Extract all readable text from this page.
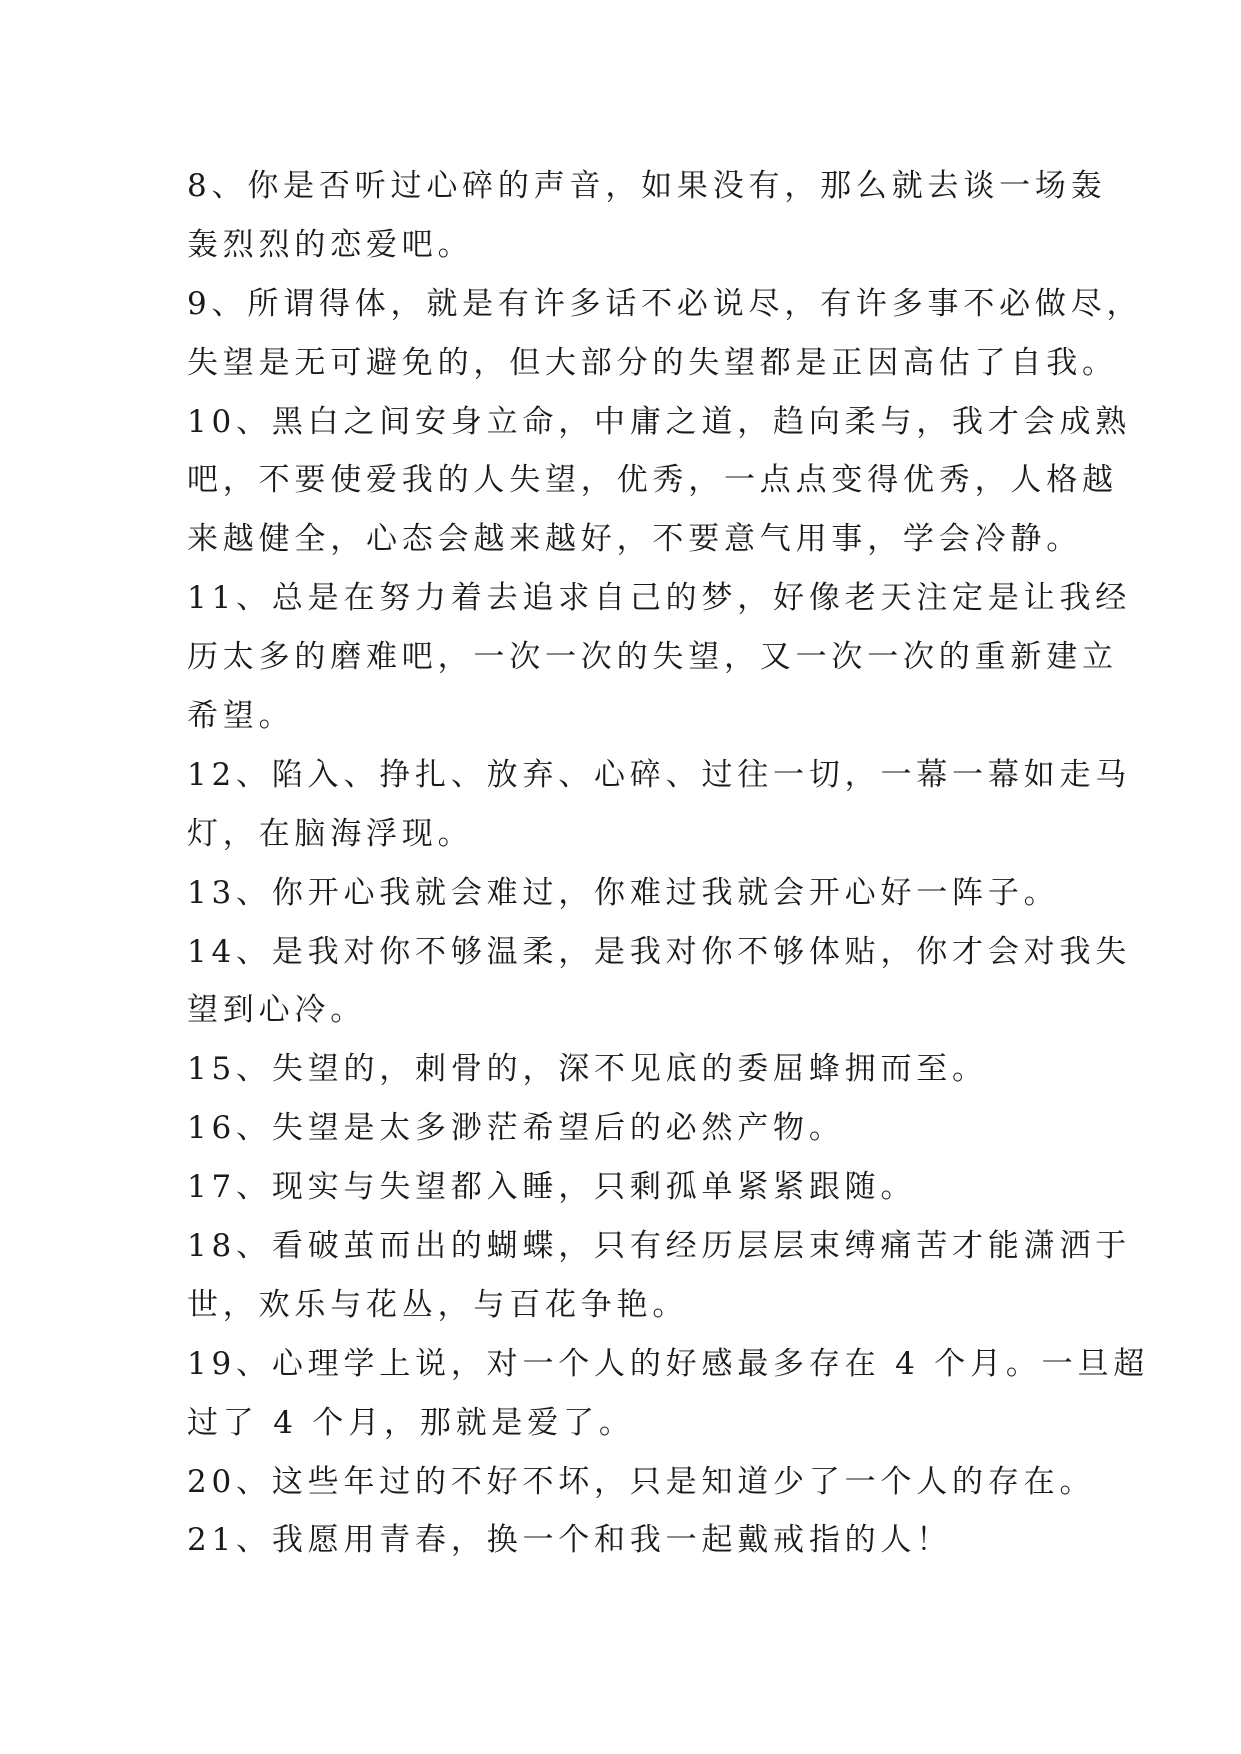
8、你是否听过心碎的声音，如果没有，那么就去谈一场轰
轰烈烈的恋爱吧。
9、所谓得体，就是有许多话不必说尽，有许多事不必做尽，
失望是无可避免的，但大部分的失望都是正因高估了自我。
10、黑白之间安身立命，中庸之道，趋向柔与，我才会成熟
吧，不要使爱我的人失望，优秀，一点点变得优秀，人格越
来越健全，心态会越来越好，不要意气用事，学会冷静。
11、总是在努力着去追求自己的梦，好像老天注定是让我经
历太多的磨难吧，一次一次的失望，又一次一次的重新建立
希望。
12、陷入、挣扎、放弃、心碎、过往一切，一幕一幕如走马
灯，在脑海浮现。
13、你开心我就会难过，你难过我就会开心好一阵子。
14、是我对你不够温柔，是我对你不够体贴，你才会对我失
望到心冷。
15、失望的，刺骨的，深不见底的委屈蜂拥而至。
16、失望是太多渺茫希望后的必然产物。
17、现实与失望都入睡，只剩孤单紧紧跟随。
18、看破茧而出的蝴蝶，只有经历层层束缚痛苦才能潇洒于
世，欢乐与花丛，与百花争艳。
19、心理学上说，对一个人的好感最多存在 4 个月。一旦超
过了 4 个月，那就是爱了。
20、这些年过的不好不坏，只是知道少了一个人的存在。
21、我愿用青春，换一个和我一起戴戒指的人！
